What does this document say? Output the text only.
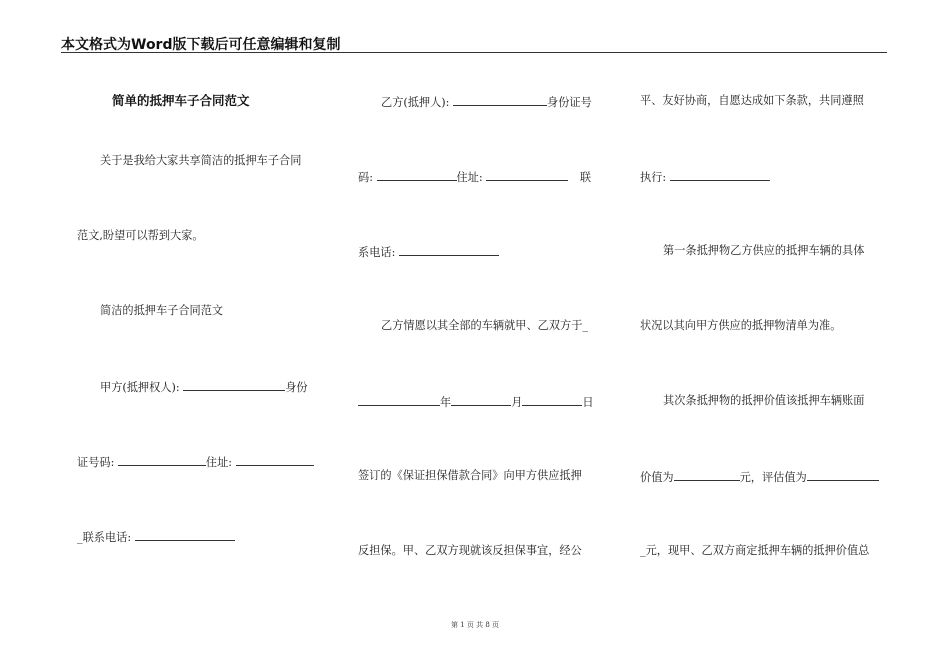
本文格式为Word版下载后可任意编辑和复制
简单的抵押车子合同范文
关于是我给大家共享简洁的抵押车子合同
范文,盼望可以帮到大家。
简洁的抵押车子合同范文
甲方(抵押权人):	身份
证号码:	住址:
_联系电话:
乙方(抵押人):	身份证号
码:	住址:	联
系电话:
乙方情愿以其全部的车辆就甲、乙双方于_
年	月	日
签订的《保证担保借款合同》向甲方供应抵押
反担保。甲、乙双方现就该反担保事宜，经公
平、友好协商，自愿达成如下条款，共同遵照
执行:
第一条抵押物乙方供应的抵押车辆的具体
状况以其向甲方供应的抵押物清单为准。
其次条抵押物的抵押价值该抵押车辆账面
价值为	元，评估值为
_元，现甲、乙双方商定抵押车辆的抵押价值总
第 1 页 共 8 页
